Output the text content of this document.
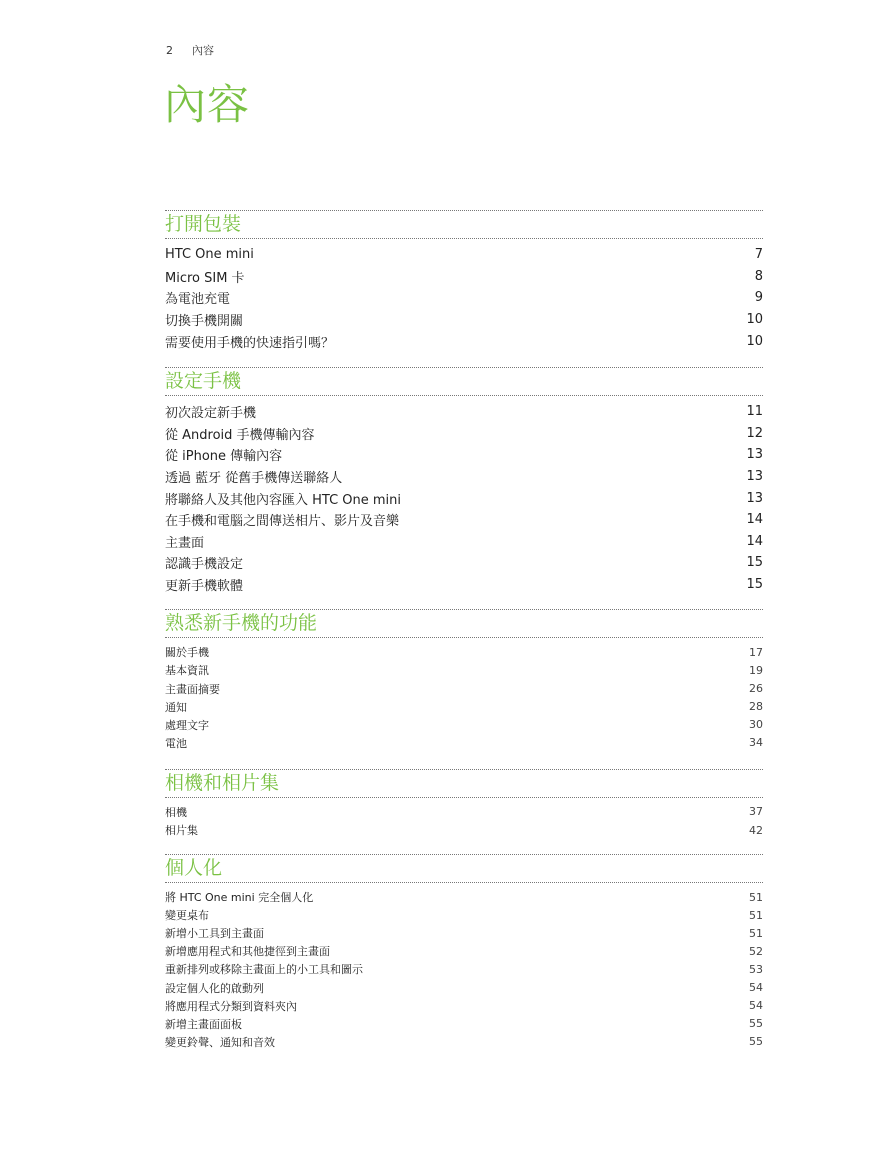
2 內容
內容
打開包裝
HTC One mini	7
Micro SIM 卡	8
為電池充電	9
切換手機開關	10
需要使用手機的快速指引嗎？	10
設定手機
初次設定新手機	11
從 Android 手機傳輸內容	12
從 iPhone 傳輸內容	13
透過 藍牙 從舊手機傳送聯絡人	13
將聯絡人及其他內容匯入 HTC One mini	13
在手機和電腦之間傳送相片、影片及音樂	14
主畫面	14
認識手機設定	15
更新手機軟體	15
熟悉新手機的功能
關於手機	17
基本資訊	19
主畫面摘要	26
通知	28
處理文字	30
電池	34
相機和相片集
相機	37
相片集	42
個人化
將 HTC One mini 完全個人化	51
變更桌布	51
新增小工具到主畫面	51
新增應用程式和其他捷徑到主畫面	52
重新排列或移除主畫面上的小工具和圖示	53
設定個人化的啟動列	54
將應用程式分類到資料夾內	54
新增主畫面面板	55
變更鈴聲、通知和音效	55
